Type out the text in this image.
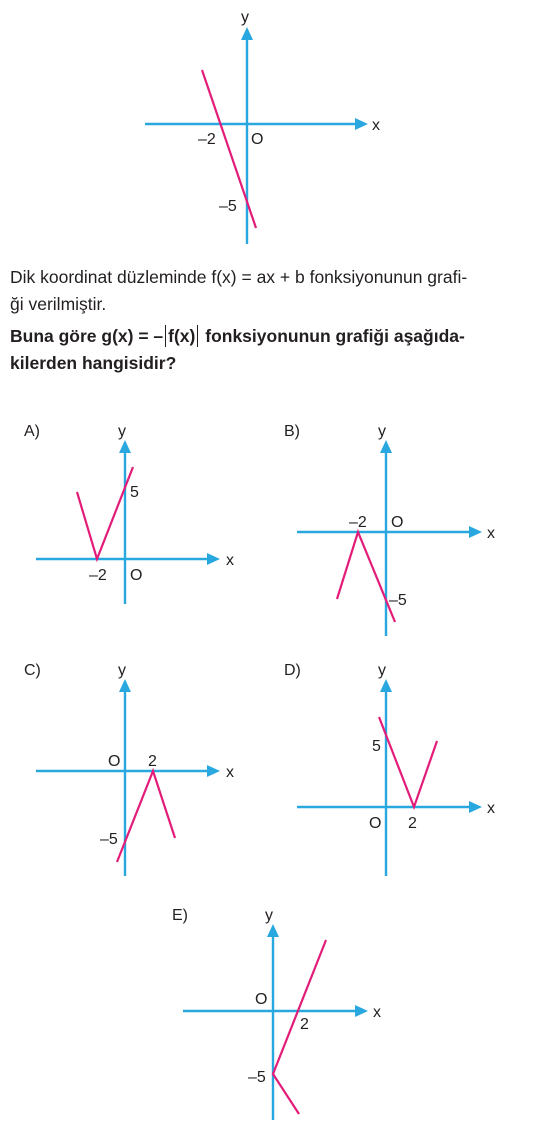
x
y
O
–2
–5
A)
x
y
O
5
–2
B)
x
y
O
–2
–5
C)
x
y
O 2
–5
D)
x
y
O
5
2
E)
x
y
O
2
–5
Dik koordinat düzleminde f(x) = ax + b fonksiyonunun grafi-
ği verilmiştir.
Buna göre g(x) = – f(x) fonksiyonunun grafiği aşağıda-
kilerden hangisidir?
